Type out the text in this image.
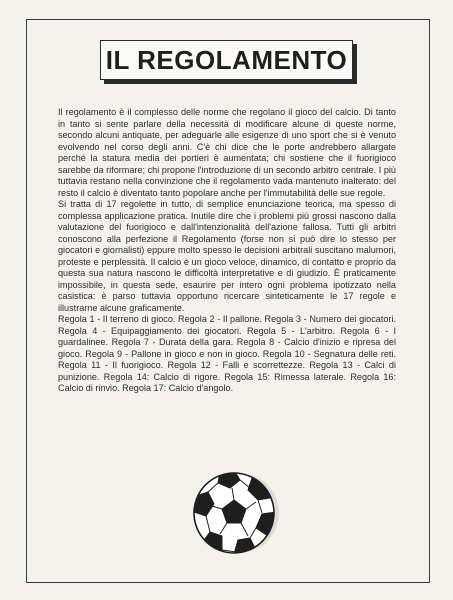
IL REGOLAMENTO

Il regolamento è il complesso delle norme che regolano il gioco del calcio. Di tanto in tanto si sente parlare della necessità di modificare alcune di queste norme, secondo alcuni antiquate, per adeguarle alle esigenze di uno sport che si è venuto evolvendo nel corso degli anni. C'è chi dice che le porte andrebbero allargate perché la statura media dei portieri è aumentata; chi sostiene che il fuorigioco sarebbe da riformare; chi propone l'introduzione di un secondo arbitro centrale. I più tuttavia restano nella convinzione che il regolamento vada mantenuto inalterato: del resto il calcio è diventato tanto popolare anche per l'immutabilità delle sue regole.

Si tratta di 17 regolette in tutto, di semplice enunciazione teorica, ma spesso di complessa applicazione pratica. Inutile dire che i problemi più grossi nascono dalla valutazione del fuorigioco e dall'intenzionalità dell'azione fallosa. Tutti gli arbitri conoscono alla perfezione il Regolamento (forse non si può dire lo stesso per giocatori e giornalisti) eppure molto spesso le decisioni arbitrali suscitano malumori, proteste e perplessità. Il calcio è un gioco veloce, dinamico, di contatto e proprio da questa sua natura nascono le difficoltà interpretative e di giudizio. È praticamente impossibile, in questa sede, esaurire per intero ogni problema ipotizzato nella casistica: è parso tuttavia opportuno ricercare sinteticamente le 17 regole e illustrarne alcune graficamente.

Regola 1 - Il terreno di gioco. Regola 2 - Il pallone. Regola 3 - Numero dei giocatori. Regola 4 - Equipaggiamento dei giocatori. Regola 5 - L'arbitro. Regola 6 - I guardalinee. Regola 7 - Durata della gara. Regola 8 - Calcio d'inizio e ripresa del gioco. Regola 9 - Pallone in gioco e non in gioco. Regola 10 - Segnatura delle reti. Regola 11 - Il fuorigioco. Regola 12 - Falli e scorrettezze. Regola 13 - Calci di punizione. Regola 14: Calcio di rigore. Regola 15: Rimessa laterale. Regola 16: Calcio di rinvio. Regola 17: Calcio d'angolo.
